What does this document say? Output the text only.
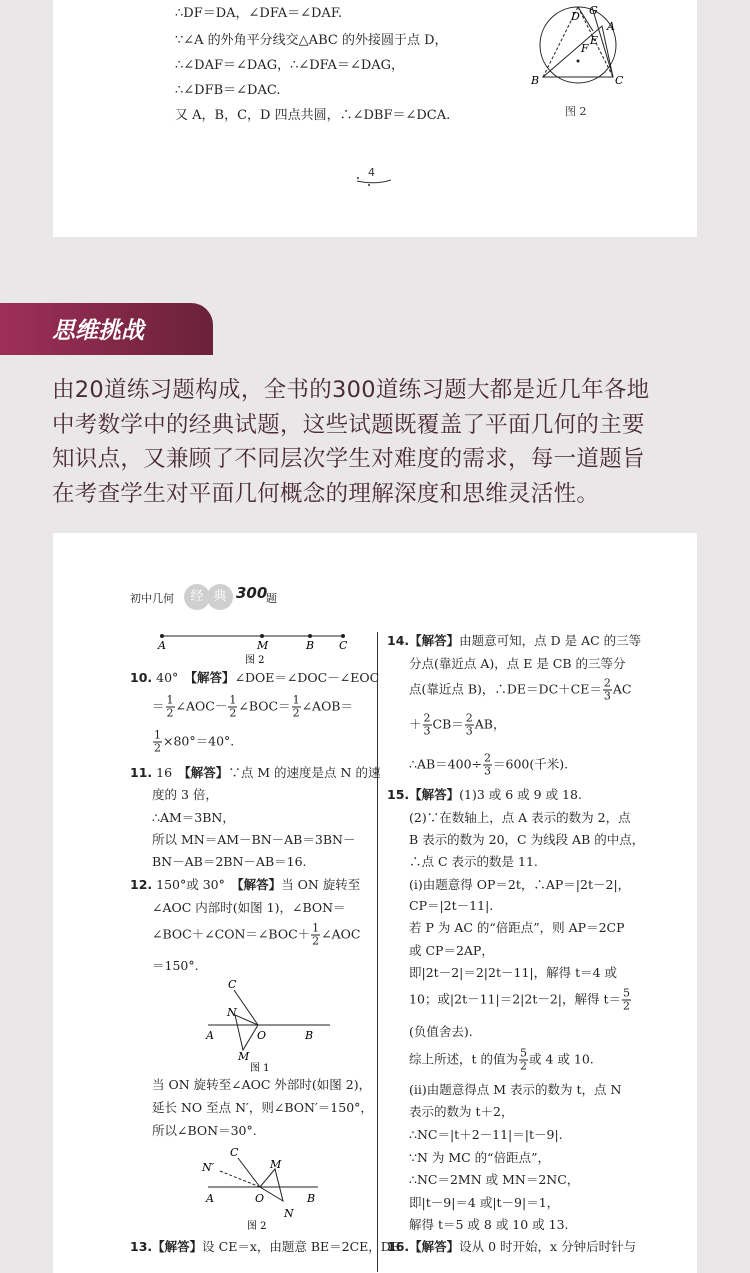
∴DF＝DA，∠DFA＝∠DAF.
∵∠A 的外角平分线交△ABC 的外接圆于点 D，
∴∠DAF＝∠DAG，∴∠DFA＝∠DAG，
∴∠DFB＝∠DAC.
又 A，B，C，D 四点共圆，∴∠DBF＝∠DCA.
D G
A
E
F
B	C
图 2
4
思维挑战
由20道练习题构成，全书的300道练习题大都是近几年各地
中考数学中的经典试题，这些试题既覆盖了平面几何的主要
知识点，又兼顾了不同层次学生对难度的需求，每一道题旨
在考查学生对平面几何概念的理解深度和思维灵活性。
初中几何	经 典 300
题
A	M	B C
图 2
C
N
A	O	B
M
图 1
C
N′	M
A	O	B
N
图 2
10. 40°　【解答】∠DOE＝∠DOC－∠EOC
＝ $\frac{1}{2}$ ∠AOC－ $\frac{1}{2}$ ∠BOC＝ $\frac{1}{2}$ ∠AOB＝
$\frac{1}{2} \times 80^\circ=40^\circ$.
11. 16　【解答】∵点 M 的速度是点 N 的速
度的 3 倍，
∴AM＝3BN，
所以 MN＝AM－BN－AB＝3BN－
BN－AB＝2BN－AB＝16.
12. 150°或 30°　【解答】当 ON 旋转至
∠AOC 内部时(如图 1)，∠BON＝
∠BOC＋∠CON＝∠BOC＋ $\frac{1}{2}$ ∠AOC
＝150°.
当 ON 旋转至∠AOC 外部时(如图 2)，
延长 NO 至点 N′，则∠BON′＝150°，
所以∠BON＝30°.
13.【解答】设 CE＝x，由题意 BE＝2CE，DE
14.【解答】由题意可知，点 D 是 AC 的三等
分点(靠近点 A)，点 E 是 CB 的三等分
点(靠近点 B)，∴DE＝DC＋CE＝ $\frac{2}{3}$ AC
＋ $\frac{2}{3} CB= \frac{2}{3}$ AB，
∴AB＝400÷ $\frac{2}{3} =600$(千米).
15.【解答】(1)3 或 6 或 9 或 18.
(2)∵在数轴上，点 A 表示的数为 2，点
B 表示的数为 20，C 为线段 AB 的中点，
∴点 C 表示的数是 11.
(ⅰ)由题意得 OP＝2t，∴AP＝|2t－2|，
CP＝|2t－11|.
若 P 为 AC 的“倍距点”，则 AP＝2CP
或 CP＝2AP，
即|2t－2|＝2|2t－11|，解得 t＝4 或
10；或|2t－11|＝2|2t－2|，解得 $t= \frac{5}{2}$
(负值舍去).
综上所述，t 的值为 $\frac{5}{2}$ 或 4 或 10.
(ⅱ)由题意得点 M 表示的数为 t，点 N
表示的数为 t＋2，
∴NC＝|t＋2－11|＝|t－9|.
∵N 为 MC 的“倍距点”，
∴NC＝2MN 或 MN＝2NC，
即|t－9|＝4 或|t－9|＝1，
解得 t＝5 或 8 或 10 或 13.
16.【解答】设从 0 时开始，x 分钟后时针与
